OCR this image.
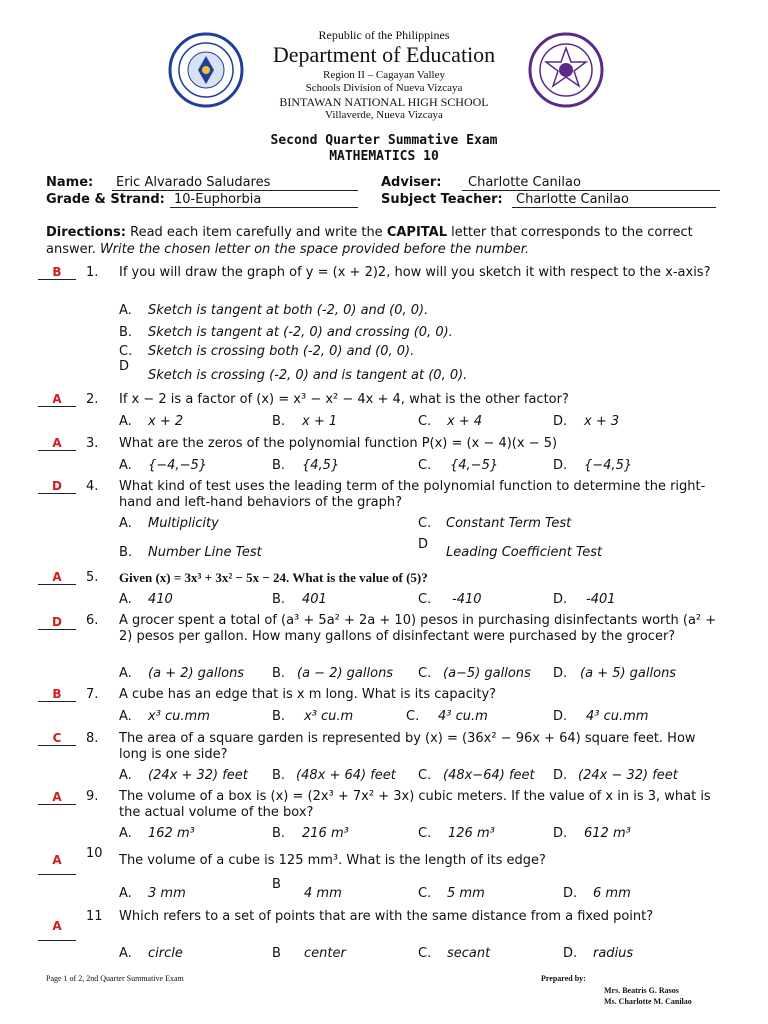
Republic of the Philippines
Department of Education
Region II – Cagayan Valley
Schools Division of Nueva Vizcaya
BINTAWAN NATIONAL HIGH SCHOOL
Villaverde, Nueva Vizcaya
Second Quarter Summative Exam
MATHEMATICS 10
Name:	Eric Alvarado Saludares	Adviser:	Charlotte Canilao
Grade & Strand: 10-Euphorbia	Subject Teacher:	Charlotte Canilao
Directions: Read each item carefully and write the CAPITAL letter that corresponds to the correct answer. Write the chosen letter on the space provided before the number.
B	1. If you will draw the graph of y = (x + 2)2, how will you sketch it with respect to the x-axis?
A. Sketch is tangent at both (-2, 0) and (0, 0).
B. Sketch is tangent at (-2, 0) and crossing (0, 0).
C. Sketch is crossing both (-2, 0) and (0, 0).
D
Sketch is crossing (-2, 0) and is tangent at (0, 0).
A	2. If x − 2 is a factor of (x) = x³ − x² − 4x + 4, what is the other factor?
A. x + 2	B. x + 1	C. x + 4	D. x + 3
A	3. What are the zeros of the polynomial function P(x) = (x − 4)(x − 5)
A. {−4,−5}	B. {4,5}	C. {4,−5}	D. {−4,5}
D	4. What kind of test uses the leading term of the polynomial function to determine the right-hand and left-hand behaviors of the graph?
A. Multiplicity	C. Constant Term Test
B. Number Line Test
D
Leading Coefficient Test
A	5. Given (x) = 3x³ + 3x² − 5x − 24. What is the value of (5)?
A. 410	B. 401	C. -410	D. -401
D	6. A grocer spent a total of (a³ + 5a² + 2a + 10) pesos in purchasing disinfectants worth (a² + 2) pesos per gallon. How many gallons of disinfectant were purchased by the grocer?
A. (a + 2) gallons B. (a − 2) gallons C. (a−5) gallons D. (a + 5) gallons
B	7. A cube has an edge that is x m long. What is its capacity?
A. x³ cu.mm	B. x³ cu.m	C. 4³ cu.m	D. 4³ cu.mm
C	8. The area of a square garden is represented by (x) = (36x² − 96x + 64) square feet. How long is one side?
A. (24x + 32) feet B. (48x + 64) feet C. (48x−64) feet D. (24x − 32) feet
A	9. The volume of a box is (x) = (2x³ + 7x² + 3x) cubic meters. If the value of x in is 3, what is the actual volume of the box?
A. 162 m³	B. 216 m³	C. 126 m³	D. 612 m³
A	10 The volume of a cube is 125 mm³. What is the length of its edge?
A. 3 mm
B
4 mm	C. 5 mm	D. 6 mm
A
11 Which refers to a set of points that are with the same distance from a fixed point?
A. circle	B center	C. secant	D. radius
Page 1 of 2, 2nd Quarter Summative Exam	Prepared by:
Mrs. Beatris G. Rasos
Ms. Charlotte M. Canilao
